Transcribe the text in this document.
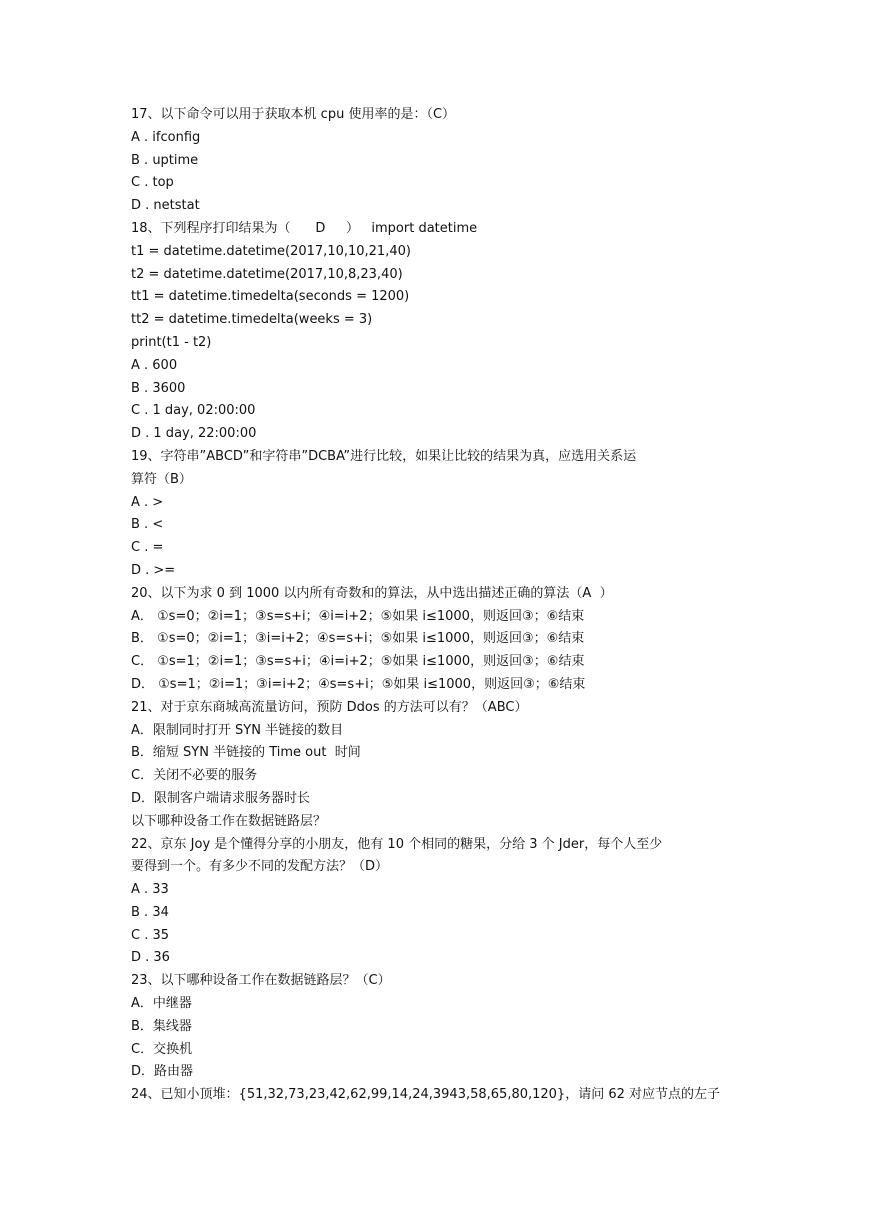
17、以下命令可以用于获取本机 cpu 使用率的是：（C）
A . ifconfig
B . uptime
C . top
D . netstat
18、下列程序打印结果为（      D     ）   import datetime
t1 = datetime.datetime(2017,10,10,21,40)
t2 = datetime.datetime(2017,10,8,23,40)
tt1 = datetime.timedelta(seconds = 1200)
tt2 = datetime.timedelta(weeks = 3)
print(t1 - t2)
A . 600
B . 3600
C . 1 day, 02:00:00
D . 1 day, 22:00:00
19、字符串”ABCD”和字符串”DCBA”进行比较，如果让比较的结果为真，应选用关系运
算符（B）
A . >
B . <
C . =
D . >=
20、以下为求 0 到 1000 以内所有奇数和的算法，从中选出描述正确的算法（A  ）
A． ①s=0；②i=1；③s=s+i；④i=i+2；⑤如果 i≤1000，则返回③；⑥结束
B． ①s=0；②i=1；③i=i+2；④s=s+i；⑤如果 i≤1000，则返回③；⑥结束
C． ①s=1；②i=1；③s=s+i；④i=i+2；⑤如果 i≤1000，则返回③；⑥结束
D． ①s=1；②i=1；③i=i+2；④s=s+i；⑤如果 i≤1000，则返回③；⑥结束
21、对于京东商城高流量访问，预防 Ddos 的方法可以有？（ABC）
A．限制同时打开 SYN 半链接的数目
B．缩短 SYN 半链接的 Time out  时间
C．关闭不必要的服务
D．限制客户端请求服务器时长
以下哪种设备工作在数据链路层？
22、京东 Joy 是个懂得分享的小朋友，他有 10 个相同的糖果，分给 3 个 Jder，每个人至少
要得到一个。有多少不同的发配方法？（D）
A . 33
B . 34
C . 35
D . 36
23、以下哪种设备工作在数据链路层？（C）
A．中继器
B．集线器
C．交换机
D．路由器
24、已知小顶堆：{51,32,73,23,42,62,99,14,24,3943,58,65,80,120}，请问 62 对应节点的左子
